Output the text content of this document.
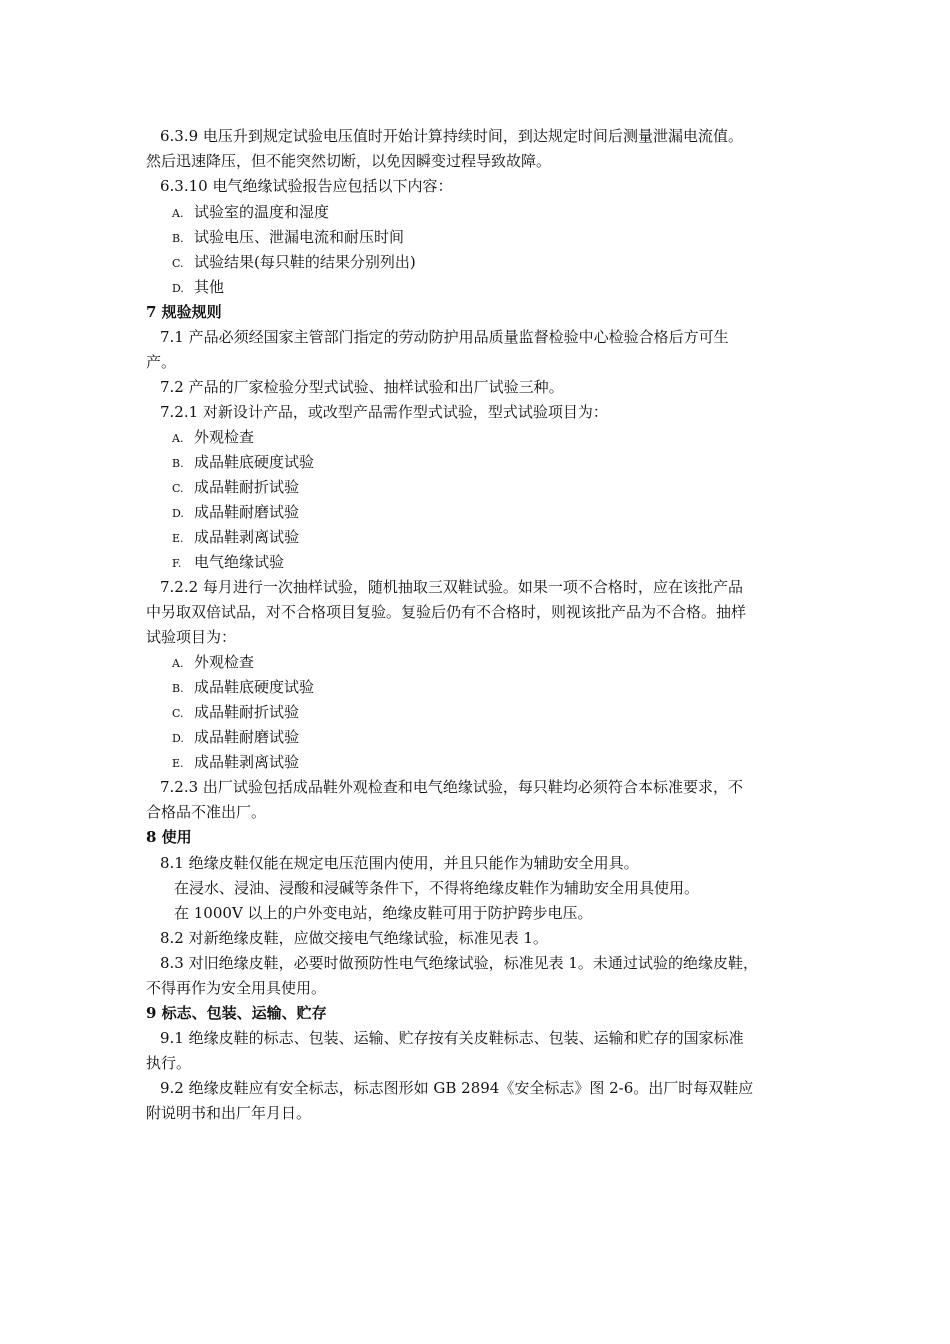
6.3.9 电压升到规定试验电压值时开始计算持续时间，到达规定时间后测量泄漏电流值。
然后迅速降压，但不能突然切断，以免因瞬变过程导致故障。
6.3.10 电气绝缘试验报告应包括以下内容：
A. 试验室的温度和湿度
B. 试验电压、泄漏电流和耐压时间
C. 试验结果(每只鞋的结果分别列出)
D. 其他
7 规验规则
7.1 产品必须经国家主管部门指定的劳动防护用品质量监督检验中心检验合格后方可生
产。
7.2 产品的厂家检验分型式试验、抽样试验和出厂试验三种。
7.2.1 对新设计产品，或改型产品需作型式试验，型式试验项目为：
A. 外观检查
B. 成品鞋底硬度试验
C. 成品鞋耐折试验
D. 成品鞋耐磨试验
E. 成品鞋剥离试验
F. 电气绝缘试验
7.2.2 每月进行一次抽样试验，随机抽取三双鞋试验。如果一项不合格时，应在该批产品
中另取双倍试品，对不合格项目复验。复验后仍有不合格时，则视该批产品为不合格。抽样
试验项目为：
A. 外观检查
B. 成品鞋底硬度试验
C. 成品鞋耐折试验
D. 成品鞋耐磨试验
E. 成品鞋剥离试验
7.2.3 出厂试验包括成品鞋外观检查和电气绝缘试验，每只鞋均必须符合本标准要求，不
合格品不准出厂。
8 使用
8.1 绝缘皮鞋仅能在规定电压范围内使用，并且只能作为辅助安全用具。
在浸水、浸油、浸酸和浸碱等条件下，不得将绝缘皮鞋作为辅助安全用具使用。
在 1000V 以上的户外变电站，绝缘皮鞋可用于防护跨步电压。
8.2 对新绝缘皮鞋，应做交接电气绝缘试验，标准见表 1。
8.3 对旧绝缘皮鞋，必要时做预防性电气绝缘试验，标准见表 1。未通过试验的绝缘皮鞋，
不得再作为安全用具使用。
9 标志、包装、运输、贮存
9.1 绝缘皮鞋的标志、包装、运输、贮存按有关皮鞋标志、包装、运输和贮存的国家标准
执行。
9.2 绝缘皮鞋应有安全标志，标志图形如 GB 2894《安全标志》图 2-6。出厂时每双鞋应
附说明书和出厂年月日。
